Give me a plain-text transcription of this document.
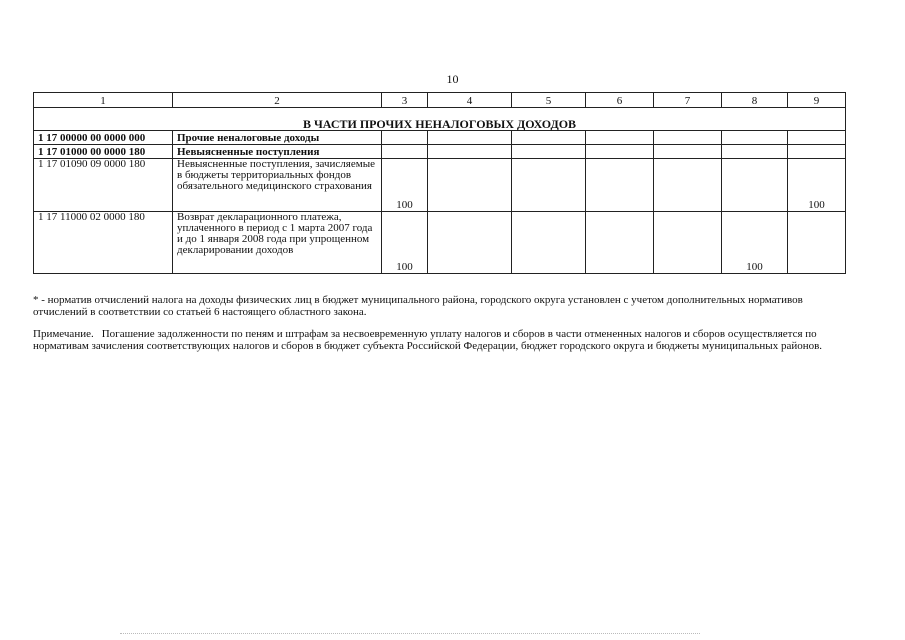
10
1	2	3	4	5	6	7	8	9
В ЧАСТИ ПРОЧИХ НЕНАЛОГОВЫХ ДОХОДОВ								
1 17 00000 00 0000 000	Прочие неналоговые доходы							
1 17 01000 00 0000 180	Невыясненные поступления							
1 17 01090 09 0000 180	Невыясненные поступления, зачисляемые в бюджеты территориальных фондов обязательного медицинского страхования	100						100
1 17 11000 02 0000 180	Возврат декларационного платежа, уплаченного в период с 1 марта 2007 года и до 1 января 2008 года при упрощенном декларировании доходов	100					100	
* - норматив отчислений налога на доходы физических лиц в бюджет муниципального района, городского округа установлен с учетом дополнительных нормативов отчислений в соответствии со статьей 6 настоящего областного закона.
Примечание. Погашение задолженности по пеням и штрафам за несвоевременную уплату налогов и сборов в части отмененных налогов и сборов осуществляется по нормативам зачисления соответствующих налогов и сборов в бюджет субъекта Российской Федерации, бюджет городского округа и бюджеты муниципальных районов.
